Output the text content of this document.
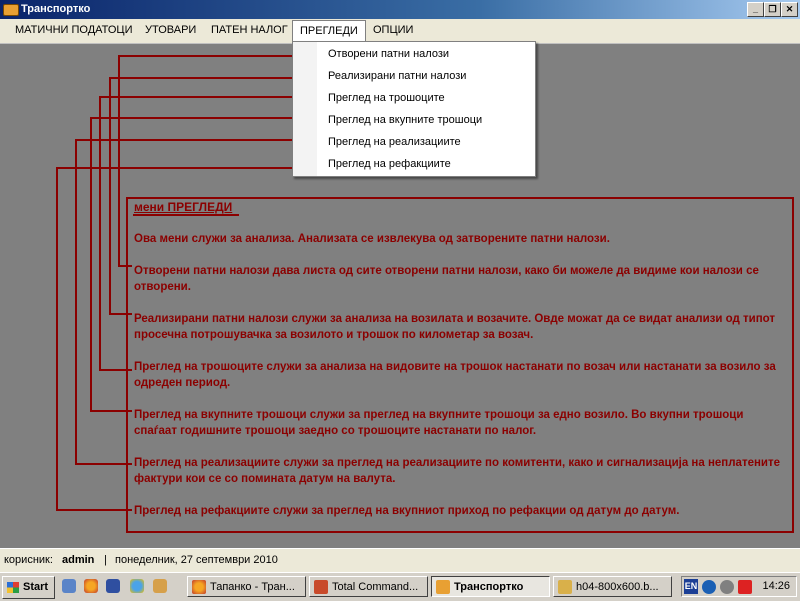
Транспортко	_	❐	✕
МАТИЧНИ ПОДАТОЦИ	УТОВАРИ	ПАТЕН НАЛОГ	ПРЕГЛЕДИ	ОПЦИИ
Отворени патни налози
Реализирани патни налози
Преглед на трошоците
Преглед на вкупните трошоци
Преглед на реализациите
Преглед на рефакциите
мени ПРЕГЛЕДИ
Ова мени служи за анализа. Анализата се извлекува од затворените патни налози.
Отворени патни налози дава листа од сите отворени патни налози, како би можеле да видиме кои налози се отворени.
Реализирани патни налози служи за анализа на возилата и возачите. Овде можат да се видат анализи од типот просечна потрошувачка за возилото и трошок по километар за возач.
Преглед на трошоците служи за анализа на видовите на трошок настанати по возач или настанати за возило за одреден период.
Преглед на вкупните трошоци служи за преглед на вкупните трошоци за едно возило. Во вкупни трошоци спаѓаат годишните трошоци заедно со трошоците настанати по налог.
Преглед на реализациите служи за преглед на реализациите по комитенти, како и сигнализација на неплатените фактури кои се со помината датум на валута.
Преглед на рефакциите служи за преглед на вкупниот приход по рефакции од датум до датум.
корисник: admin | понеделник, 27 септември 2010
Start	Тапанко - Тран...	Total Command...	Транспортко	h04-800x600.b...	EN	14:26
